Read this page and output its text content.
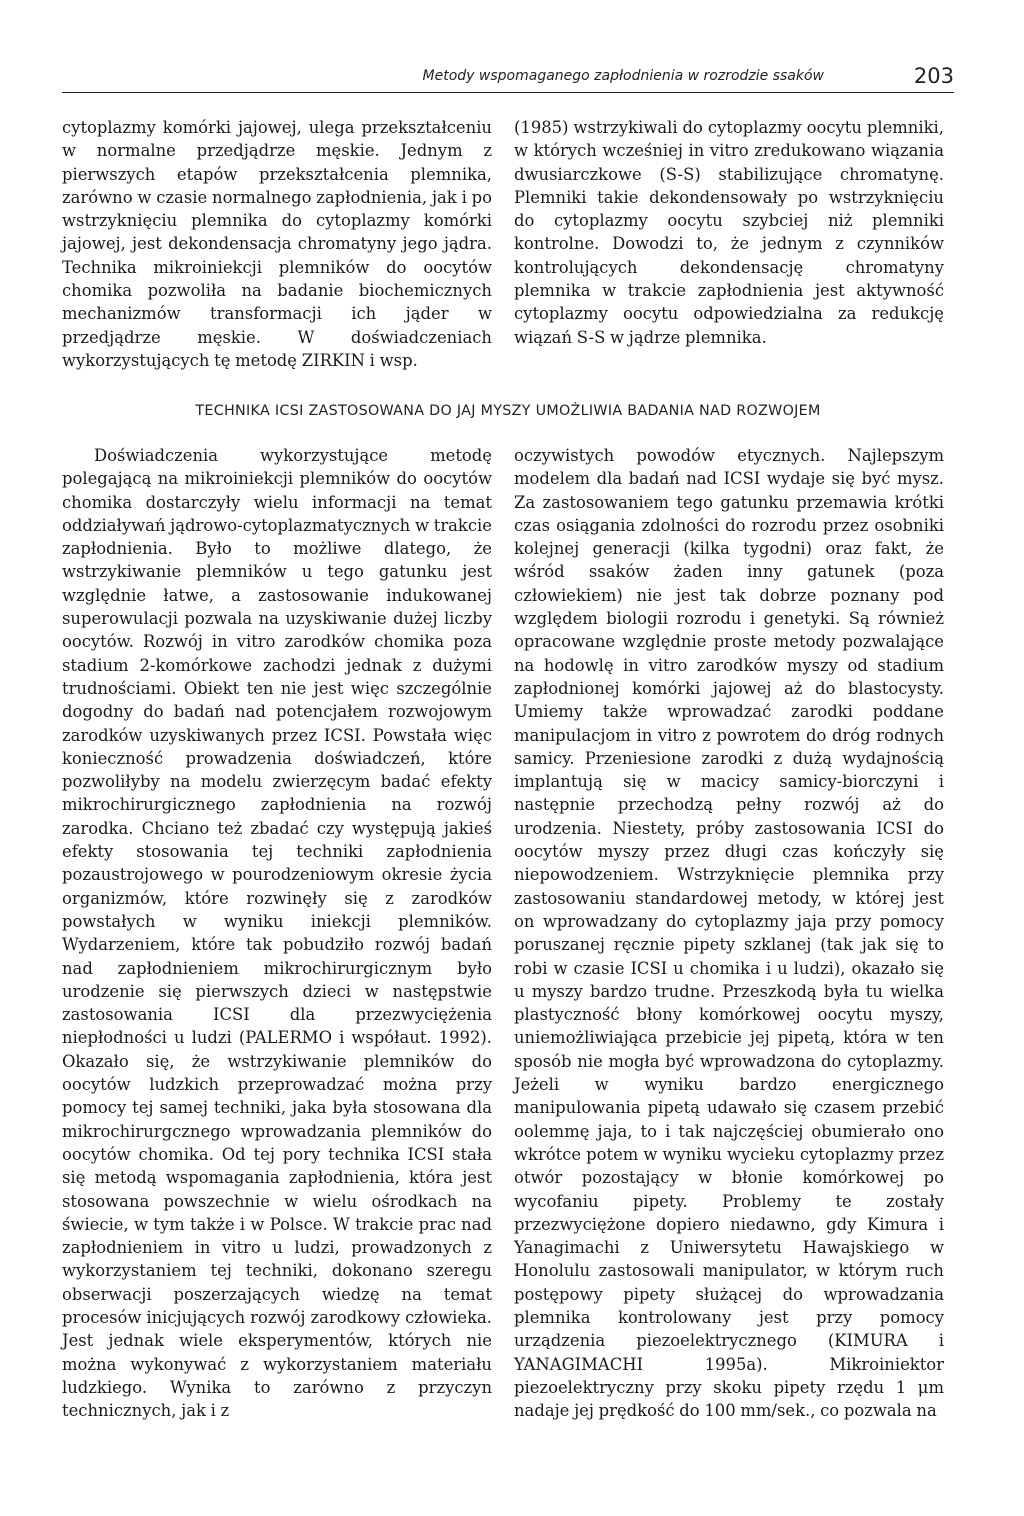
Metody wspomaganego zapłodnienia w rozrodzie ssaków	203

cytoplazmy komórki jajowej, ulega przekształceniu w normalne przedjądrze męskie. Jednym z pierwszych etapów przekształcenia plemnika, zarówno w czasie normalnego zapłodnienia, jak i po wstrzyknięciu plemnika do cytoplazmy komórki jajowej, jest dekondensacja chromatyny jego jądra. Technika mikroiniekcji plemników do oocytów chomika pozwoliła na badanie biochemicznych mechanizmów transformacji ich jąder w przedjądrze męskie. W doświadczeniach wykorzystujących tę metodę ZIRKIN i wsp.

(1985) wstrzykiwali do cytoplazmy oocytu plemniki, w których wcześniej in vitro zredukowano wiązania dwusiarczkowe (S-S) stabilizujące chromatynę. Plemniki takie dekondensowały po wstrzyknięciu do cytoplazmy oocytu szybciej niż plemniki kontrolne. Dowodzi to, że jednym z czynników kontrolujących dekondensację chromatyny plemnika w trakcie zapłodnienia jest aktywność cytoplazmy oocytu odpowiedzialna za redukcję wiązań S-S w jądrze plemnika.

TECHNIKA ICSI ZASTOSOWANA DO JAJ MYSZY UMOŻLIWIA BADANIA NAD ROZWOJEM

Doświadczenia wykorzystujące metodę polegającą na mikroiniekcji plemników do oocytów chomika dostarczyły wielu informacji na temat oddziaływań jądrowo-cytoplazmatycznych w trakcie zapłodnienia. Było to możliwe dlatego, że wstrzykiwanie plemników u tego gatunku jest względnie łatwe, a zastosowanie indukowanej superowulacji pozwala na uzyskiwanie dużej liczby oocytów. Rozwój in vitro zarodków chomika poza stadium 2-komórkowe zachodzi jednak z dużymi trudnościami. Obiekt ten nie jest więc szczególnie dogodny do badań nad potencjałem rozwojowym zarodków uzyskiwanych przez ICSI. Powstała więc konieczność prowadzenia doświadczeń, które pozwoliłyby na modelu zwierzęcym badać efekty mikrochirurgicznego zapłodnienia na rozwój zarodka. Chciano też zbadać czy występują jakieś efekty stosowania tej techniki zapłodnienia pozaustrojowego w pourodzeniowym okresie życia organizmów, które rozwinęły się z zarodków powstałych w wyniku iniekcji plemników. Wydarzeniem, które tak pobudziło rozwój badań nad zapłodnieniem mikrochirurgicznym było urodzenie się pierwszych dzieci w następstwie zastosowania ICSI dla przezwyciężenia niepłodności u ludzi (PALERMO i współaut. 1992). Okazało się, że wstrzykiwanie plemników do oocytów ludzkich przeprowadzać można przy pomocy tej samej techniki, jaka była stosowana dla mikrochirurgcznego wprowadzania plemników do oocytów chomika. Od tej pory technika ICSI stała się metodą wspomagania zapłodnienia, która jest stosowana powszechnie w wielu ośrodkach na świecie, w tym także i w Polsce. W trakcie prac nad zapłodnieniem in vitro u ludzi, prowadzonych z wykorzystaniem tej techniki, dokonano szeregu obserwacji poszerzających wiedzę na temat procesów inicjujących rozwój zarodkowy człowieka. Jest jednak wiele eksperymentów, których nie można wykonywać z wykorzystaniem materiału ludzkiego. Wynika to zarówno z przyczyn technicznych, jak i z

oczywistych powodów etycznych. Najlepszym modelem dla badań nad ICSI wydaje się być mysz. Za zastosowaniem tego gatunku przemawia krótki czas osiągania zdolności do rozrodu przez osobniki kolejnej generacji (kilka tygodni) oraz fakt, że wśród ssaków żaden inny gatunek (poza człowiekiem) nie jest tak dobrze poznany pod względem biologii rozrodu i genetyki. Są również opracowane względnie proste metody pozwalające na hodowlę in vitro zarodków myszy od stadium zapłodnionej komórki jajowej aż do blastocysty. Umiemy także wprowadzać zarodki poddane manipulacjom in vitro z powrotem do dróg rodnych samicy. Przeniesione zarodki z dużą wydajnością implantują się w macicy samicy-biorczyni i następnie przechodzą pełny rozwój aż do urodzenia. Niestety, próby zastosowania ICSI do oocytów myszy przez długi czas kończyły się niepowodzeniem. Wstrzyknięcie plemnika przy zastosowaniu standardowej metody, w której jest on wprowadzany do cytoplazmy jaja przy pomocy poruszanej ręcznie pipety szklanej (tak jak się to robi w czasie ICSI u chomika i u ludzi), okazało się u myszy bardzo trudne. Przeszkodą była tu wielka plastyczność błony komórkowej oocytu myszy, uniemożliwiająca przebicie jej pipetą, która w ten sposób nie mogła być wprowadzona do cytoplazmy. Jeżeli w wyniku bardzo energicznego manipulowania pipetą udawało się czasem przebić oolemmę jaja, to i tak najczęściej obumierało ono wkrótce potem w wyniku wycieku cytoplazmy przez otwór pozostający w błonie komórkowej po wycofaniu pipety. Problemy te zostały przezwyciężone dopiero niedawno, gdy Kimura i Yanagimachi z Uniwersytetu Hawajskiego w Honolulu zastosowali manipulator, w którym ruch postępowy pipety służącej do wprowadzania plemnika kontrolowany jest przy pomocy urządzenia piezoelektrycznego (KIMURA i YANAGIMACHI 1995a). Mikroiniektor piezoelektryczny przy skoku pipety rzędu 1 μm nadaje jej prędkość do 100 mm/sek., co pozwala na
